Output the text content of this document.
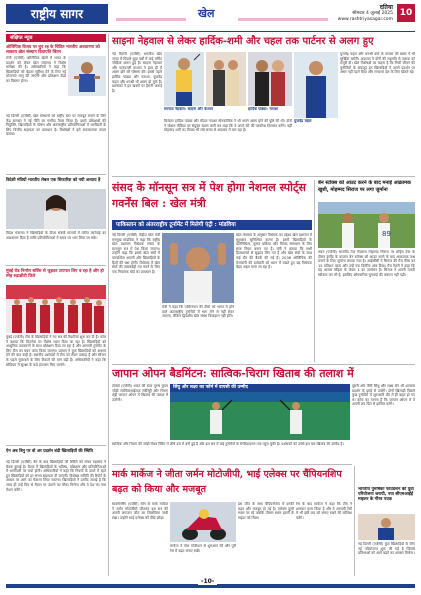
राष्ट्रीय सागर	खेल	दतिया
सोमवार 4 जुलाई 2025
www.rashtriyasagar.com
10
संक्षिप्त न्यूज
ओलिंपिक विजय पर चुप रह के चिंतित भारतीय अवधारणा को साकारा खेल संस्थान विधापति चिंतन
रांची (एजेंसी) ओलिंपिक खेलों में भारत के प्रदर्शन को लेकर खेल मंत्रालय ने विशेष समीक्षा की है। अधिकारियों ने कहा कि खिलाड़ियों को बेहतर सुविधा देने के लिए नई योजनाएं लागू की जाएंगी और प्रशिक्षण केंद्रों का विस्तार होगा।
नई दिल्ली (एजेंसी) खेल संस्थानों को राष्ट्रीय स्तर पर मजबूत बनाने के लिए केंद्र सरकार ने नई नीति का मसौदा तैयार किया है। इसमें प्रशिक्षकों की नियुक्ति, खिलाड़ियों के पोषण और अंतरराष्ट्रीय प्रतियोगिताओं में भागीदारी के लिए वित्तीय सहायता का प्रावधान है। विशेषज्ञों ने इसे सकारात्मक कदम बताया।
विदेशी मंत्रियों भारतीय लेबल एक सिफारिश को नयी अध्याय हैं
विदेश मंत्रालय ने खिलाड़ियों के वीजा संबंधी मामलों में त्वरित कार्रवाई का आश्वासन दिया है ताकि प्रतियोगिताओं में समय पर भाग लिया जा सके।
मुंबई रोड निर्माण सर्विस से जुड़कर टायपल लिए व रहा है और हो स्नेह रुद्राक्षीटी जिले
मुंबई (एजेंसी) टीम के खिलाड़ियों ने नए सत्र की तैयारियां शुरू कर दी हैं। कोच ने बताया कि फिटनेस पर विशेष ध्यान दिया जा रहा है। खिलाड़ियों को आधुनिक उपकरणों के साथ प्रशिक्षण दिया जा रहा है और आगामी टूर्नामेंट के लिए टीम का चयन जल्द किया जाएगा। प्रबंधन ने युवा खिलाड़ियों को अवसर देने की बात कही है। स्थानीय प्रशंसकों में टीम को लेकर उत्साह है और सीजन के पहले मुकाबले के लिए टिकटों की मांग बढ़ी है। अधिकारियों ने कहा कि स्टेडियम में सुरक्षा के कड़े इंतजाम किए जाएंगे।
ऐन अब बिनु पर वो अर प्रदर्शन बंदी खिलाड़ियों की स्थिति
नई दिल्ली (एजेंसी) बैन के बाद खिलाड़ियों की स्थिति को लेकर महासंघ ने बैठक बुलाई है। बैठक में खिलाड़ियों के भविष्य, प्रशिक्षण और प्रतियोगिताओं में भागीदारी पर चर्चा होगी। अधिकारियों ने कहा कि नियमों के दायरे में रहते हुए खिलाड़ियों को हर संभव सहायता दी जाएगी। विशेषज्ञ समिति की रिपोर्ट के आधार पर आगे का फैसला लिया जाएगा। खिलाड़ियों ने उम्मीद जताई है कि जल्द ही उन्हें फिर से मैदान पर उतरने का मौका मिलेगा और वे देश का नाम रोशन करेंगे।
साइना नेहवाल से लेकर हार्दिक-शमी और चहल तक पार्टनर से अलग हुए
नई दिल्ली (एजेंसी) भारतीय खेल जगत में पिछले कुछ वर्षों में कई चर्चित जोड़ियां अलग हुई हैं। साइना नेहवाल और पारुपल्ली कश्यप ने हाल ही में अलग होने की घोषणा की। इससे पहले हार्दिक पांड्या और नताशा, युजवेंद्र चहल और धनश्री भी अलग हो चुके हैं। प्रशंसकों ने इन खबरों पर हैरानी जताई है।
सामाज नेहवाल: साइना और कश्यप	हार्दिक पांड्या: नताशा
क्रिकेटर हार्दिक पांड्या और मॉडल नताशा स्टेनकोविक ने भी अपने अलग होने की पुष्टि की थी। दोनों ने सोशल मीडिया पर संयुक्त बयान जारी कर कहा कि वे अपने बेटे की परवरिश मिलकर करेंगे। वहीं मोहम्मद शमी का विवाद भी लंबे समय से अदालत में चल रहा है।
युजवेंद्र चहल
युजवेंद्र चहल और धनश्री वर्मा के तलाक की खबर ने भी सुर्खियां बटोरीं। अदालत ने दोनों की सहमति से तलाक को मंजूरी दी। खेल विशेषज्ञों का कहना है कि निजी जीवन की चुनौतियों के बावजूद इन खिलाड़ियों ने अपने प्रदर्शन पर असर नहीं पड़ने दिया और लगातार देश के लिए खेलते रहे।
संसद के मॉनसून सत्र में पेश होगा नेशनल स्पोर्ट्स गवर्नेंस बिल : खेल मंत्री
पाकिस्तान को अंतरराष्ट्रीय टूर्नामेंट में मिलेगी एंट्री : मांडविया
नई दिल्ली (एजेंसी) केंद्रीय खेल मंत्री मनसुख मांडविया ने कहा कि राष्ट्रीय खेल प्रशासन विधेयक संसद के मानसून सत्र में पेश किया जाएगा। उन्होंने कहा कि इससे खेल संघों में पारदर्शिता आएगी और खिलाड़ियों के हितों की रक्षा होगी। विधेयक में खेल संघों की जवाबदेही तय करने के लिए एक नियामक बोर्ड का प्रावधान है।
मंत्री ने कहा कि पाकिस्तान की टीमों को भारत में होने वाले अंतरराष्ट्रीय टूर्नामेंटों में भाग लेने से नहीं रोका जाएगा, लेकिन द्विपक्षीय खेल संबंध फिलहाल नहीं होंगे।
खेल मंत्रालय के अनुसार विधेयक का उद्देश्य खेल प्रशासन में सुशासन सुनिश्चित करना है। इसमें खिलाड़ियों के प्रतिनिधित्व, चुनाव प्रक्रिया और विवाद समाधान के लिए स्पष्ट नियम बनाए गए हैं। मंत्री ने बताया कि सभी हितधारकों से सुझाव लिए गए हैं और खेल संघों के साथ कई दौर की बैठकें की गई हैं। 2036 ओलिंपिक की मेजबानी की दावेदारी को ध्यान में रखते हुए यह विधेयक बेहद अहम माना जा रहा है।
बेन स्टोक्स को आउट करने के बाद मनाई आक्रामक खुशी, मोहम्मद सिराज पर लगा जुर्माना
89
लंदन (एजेंसी) भारतीय तेज गेंदबाज मोहम्मद सिराज पर लॉर्ड्स टेस्ट के दौरान इंग्लैंड के कप्तान बेन स्टोक्स को आउट करने के बाद आक्रामक जश्न मनाने के लिए जुर्माना लगाया गया है। आईसीसी ने सिराज की मैच फीस का 15 प्रतिशत काटा और उन्हें एक डिमेरिट अंक दिया। मैच रेफरी ने कहा कि यह आचार संहिता के लेवल 1 का उल्लंघन है। सिराज ने अपनी गलती स्वीकार कर ली है, इसलिए औपचारिक सुनवाई की जरूरत नहीं पड़ी।
जापान ओपन बैडमिंटन: सात्विक-चिराग खिताब की तलाश में
टोक्यो (एजेंसी) भारत की स्टार पुरुष युगल जोड़ी सात्विकसाईराज रंकीरेड्डी और चिराग शेट्टी जापान ओपन में खिताब की तलाश में उतरेगी।
सिंधु और लक्ष्य का फॉर्म में वापसी की उम्मीद	दूसरी ओर पीवी सिंधु और लक्ष्य सेन भी शानदार प्रदर्शन के इरादे से उतरेंगे। दोनों खिलाड़ी पिछले कुछ टूर्नामेंटों में शुरुआती दौर में ही बाहर हो गए थे। कोच का मानना है कि जापान ओपन में वे अपनी लय फिर से हासिल करेंगे।
सात्विक और चिराग की जोड़ी विश्व रैंकिंग में शीर्ष दस में बनी हुई है और इस सत्र में कई टूर्नामेंटों के सेमीफाइनल तक पहुंच चुकी है। प्रशंसकों को उनसे इस बार खिताब की उम्मीद है।
मार्क मार्केज ने जीता जर्मन मोटोजीपी, भाई एलेक्स पर चैंपियनशिप बढ़त को किया और मजबूत
साक्सेनरिंग (एजेंसी) स्पेन के मार्क मार्केज ने जर्मन मोटोजीपी जीतकर इस सत्र की अपनी लगातार जीत का सिलसिला जारी रखा। उन्होंने भाई एलेक्स को पीछे छोड़ा।
मार्केज ने पोल पोजीशन से शुरुआत की और पूरी रेस में बढ़त बनाए रखी।
इस जीत के साथ चैंपियनशिप में उनकी बढ़त और मजबूत हो गई है। एलेक्स दूसरे स्थान पर रहे जबकि तीसरा स्थान इटली के राइडर को मिला।
रेस के बाद मार्केज ने कहा कि टीम ने शानदार काम किया है और वे आगामी रेसों में भी इसी लय को बनाए रखने की कोशिश करेंगे।
भारतीय पुरुषिका फाउंडेशन की युवा परियोजना जरायी, नया सीएमआईई माइलर के गौरव पदक
नई दिल्ली (एजेंसी) युवा खिलाड़ियों के लिए नई परियोजना शुरू की गई है जिससे प्रतिभाओं को आगे बढ़ने का अवसर मिलेगा।
-10-
